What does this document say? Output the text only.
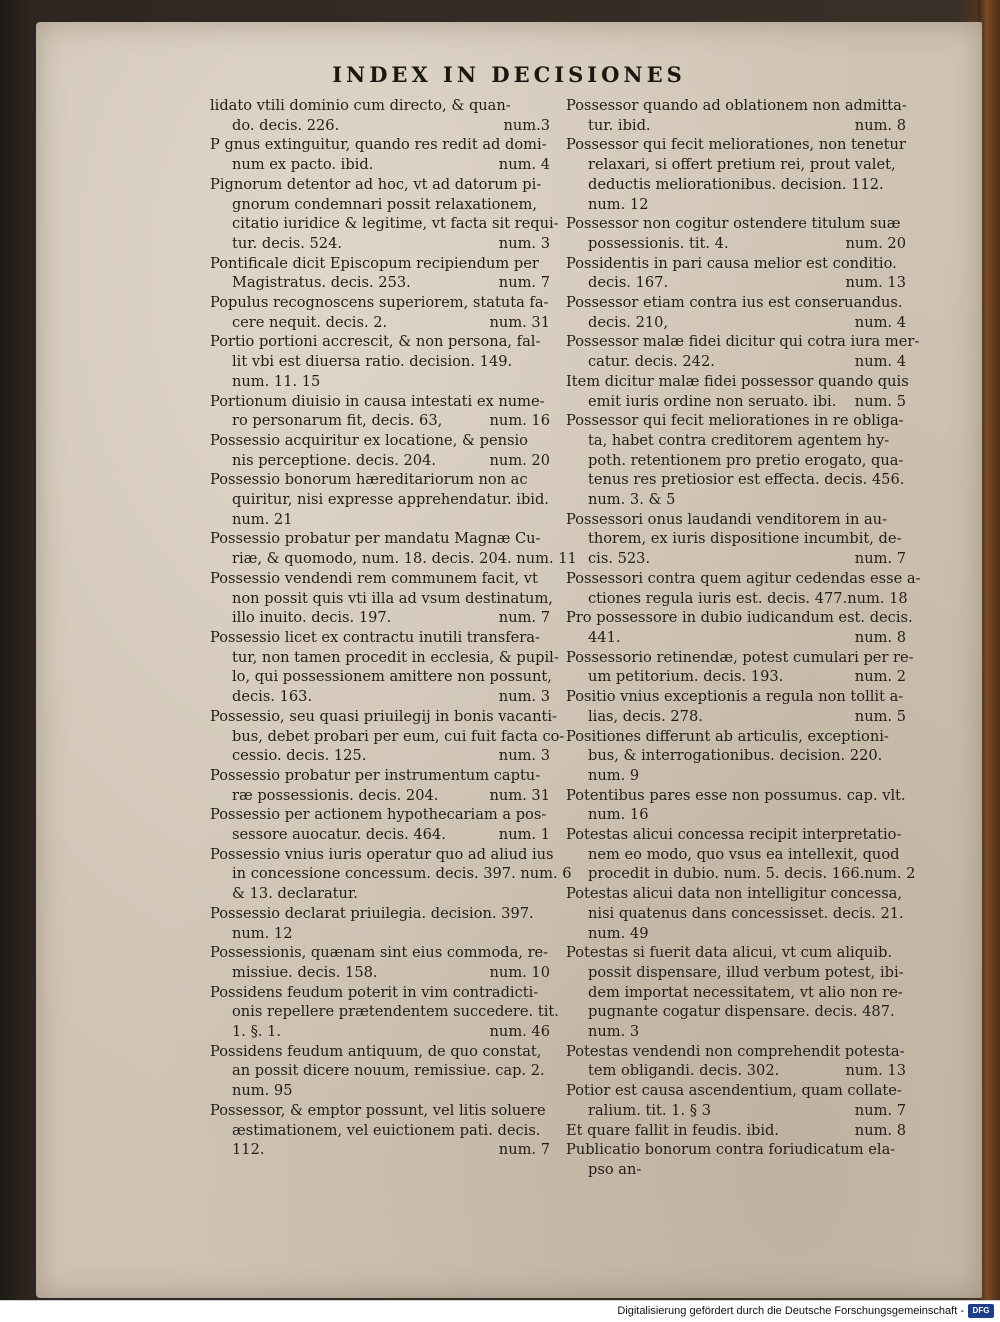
INDEX IN DECISIONES
lidato vtili dominio cum directo, & quan-
do. decis. 226.	num.3
P gnus extinguitur, quando res redit ad domi-
num ex pacto. ibid.	num. 4
Pignorum detentor ad hoc, vt ad datorum pi-
gnorum condemnari possit relaxationem,
citatio iuridice & legitime, vt facta sit requi-
tur. decis. 524.	num. 3
Pontificale dicit Episcopum recipiendum per
Magistratus. decis. 253.	num. 7
Populus recognoscens superiorem, statuta fa-
cere nequit. decis. 2.	num. 31
Portio portioni accrescit, & non persona, fal-
lit vbi est diuersa ratio. decision. 149.
num. 11. 15
Portionum diuisio in causa intestati ex nume-
ro personarum fit, decis. 63,	num. 16
Possessio acquiritur ex locatione, & pensio
nis perceptione. decis. 204.	num. 20
Possessio bonorum hæreditariorum non ac
quiritur, nisi expresse apprehendatur. ibid.
num. 21
Possessio probatur per mandatu Magnæ Cu-
riæ, & quomodo, num. 18. decis. 204. num. 11
Possessio vendendi rem communem facit, vt
non possit quis vti illa ad vsum destinatum,
illo inuito. decis. 197.	num. 7
Possessio licet ex contractu inutili transfera-
tur, non tamen procedit in ecclesia, & pupil-
lo, qui possessionem amittere non possunt,
decis. 163.	num. 3
Possessio, seu quasi priuilegij in bonis vacanti-
bus, debet probari per eum, cui fuit facta co-
cessio. decis. 125.	num. 3
Possessio probatur per instrumentum captu-
ræ possessionis. decis. 204.	num. 31
Possessio per actionem hypothecariam a pos-
sessore auocatur. decis. 464.	num. 1
Possessio vnius iuris operatur quo ad aliud ius
in concessione concessum. decis. 397. num. 6
& 13. declaratur.
Possessio declarat priuilegia. decision. 397.
num. 12
Possessionis, quænam sint eius commoda, re-
missiue. decis. 158.	num. 10
Possidens feudum poterit in vim contradicti-
onis repellere prætendentem succedere. tit.
1. §. 1.	num. 46
Possidens feudum antiquum, de quo constat,
an possit dicere nouum, remissiue. cap. 2.
num. 95
Possessor, & emptor possunt, vel litis soluere
æstimationem, vel euictionem pati. decis.
112.	num. 7
Possessor quando ad oblationem non admitta-
tur. ibid.	num. 8
Possessor qui fecit meliorationes, non tenetur
relaxari, si offert pretium rei, prout valet,
deductis meliorationibus. decision. 112.
num. 12
Possessor non cogitur ostendere titulum suæ
possessionis. tit. 4.	num. 20
Possidentis in pari causa melior est conditio.
decis. 167.	num. 13
Possessor etiam contra ius est conseruandus.
decis. 210,	num. 4
Possessor malæ fidei dicitur qui cotra iura mer-
catur. decis. 242.	num. 4
Item dicitur malæ fidei possessor quando quis
emit iuris ordine non seruato. ibi. num. 5
Possessor qui fecit meliorationes in re obliga-
ta, habet contra creditorem agentem hy-
poth. retentionem pro pretio erogato, qua-
tenus res pretiosior est effecta. decis. 456.
num. 3. & 5
Possessori onus laudandi venditorem in au-
thorem, ex iuris dispositione incumbit, de-
cis. 523.	num. 7
Possessori contra quem agitur cedendas esse a-
ctiones regula iuris est. decis. 477. num. 18
Pro possessore in dubio iudicandum est. decis.
441.	num. 8
Possessorio retinendæ, potest cumulari per re-
um petitorium. decis. 193.	num. 2
Positio vnius exceptionis a regula non tollit a-
lias, decis. 278.	num. 5
Positiones differunt ab articulis, exceptioni-
bus, & interrogationibus. decision. 220.
num. 9
Potentibus pares esse non possumus. cap. vlt.
num. 16
Potestas alicui concessa recipit interpretatio-
nem eo modo, quo vsus ea intellexit, quod
procedit in dubio. num. 5. decis. 166. num. 2
Potestas alicui data non intelligitur concessa,
nisi quatenus dans concessisset. decis. 21.
num. 49
Potestas si fuerit data alicui, vt cum aliquib.
possit dispensare, illud verbum potest, ibi-
dem importat necessitatem, vt alio non re-
pugnante cogatur dispensare. decis. 487.
num. 3
Potestas vendendi non comprehendit potesta-
tem obligandi. decis. 302.	num. 13
Potior est causa ascendentium, quam collate-
ralium. tit. 1. § 3	num. 7
Et quare fallit in feudis. ibid.	num. 8
Publicatio bonorum contra foriudicatum ela-
pso an-
Digitalisierung gefördert durch die Deutsche Forschungsgemeinschaft -	DFG
